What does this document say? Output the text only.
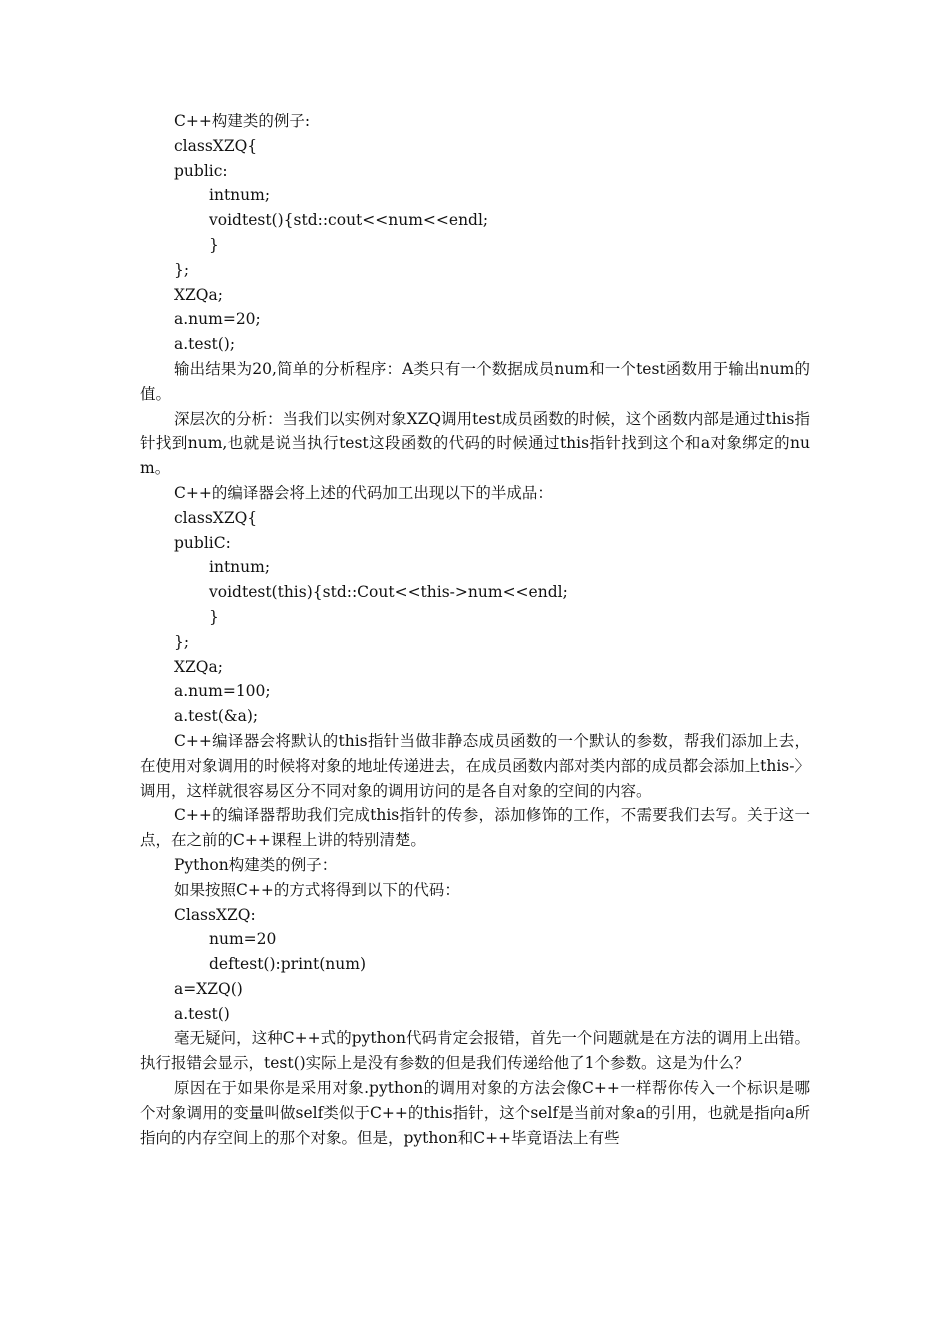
C++构建类的例子:
classXZQ{
public:
intnum;
voidtest(){std::cout<<num<<endl;
}
};
XZQa;
a.num=20;
a.test();
输出结果为20,简单的分析程序：A类只有一个数据成员num和一个test函数用于输出num的值。
深层次的分析：当我们以实例对象XZQ调用test成员函数的时候，这个函数内部是通过this指针找到num,也就是说当执行test这段函数的代码的时候通过this指针找到这个和a对象绑定的num。
C++的编译器会将上述的代码加工出现以下的半成品：
classXZQ{
publiC:
intnum;
voidtest(this){std::Cout<<this->num<<endl;
}
};
XZQa;
a.num=100;
a.test(&a);
C++编译器会将默认的this指针当做非静态成员函数的一个默认的参数，帮我们添加上去，在使用对象调用的时候将对象的地址传递进去，在成员函数内部对类内部的成员都会添加上this-〉调用，这样就很容易区分不同对象的调用访问的是各自对象的空间的内容。
C++的编译器帮助我们完成this指针的传参，添加修饰的工作，不需要我们去写。关于这一点，在之前的C++课程上讲的特别清楚。
Python构建类的例子：
如果按照C++的方式将得到以下的代码：
ClassXZQ:
num=20
deftest():print(num)
a=XZQ()
a.test()
毫无疑问，这种C++式的python代码肯定会报错，首先一个问题就是在方法的调用上出错。执行报错会显示，test()实际上是没有参数的但是我们传递给他了1个参数。这是为什么？
原因在于如果你是采用对象.python的调用对象的方法会像C++一样帮你传入一个标识是哪个对象调用的变量叫做self类似于C++的this指针，这个self是当前对象a的引用，也就是指向a所指向的内存空间上的那个对象。但是，python和C++毕竟语法上有些
